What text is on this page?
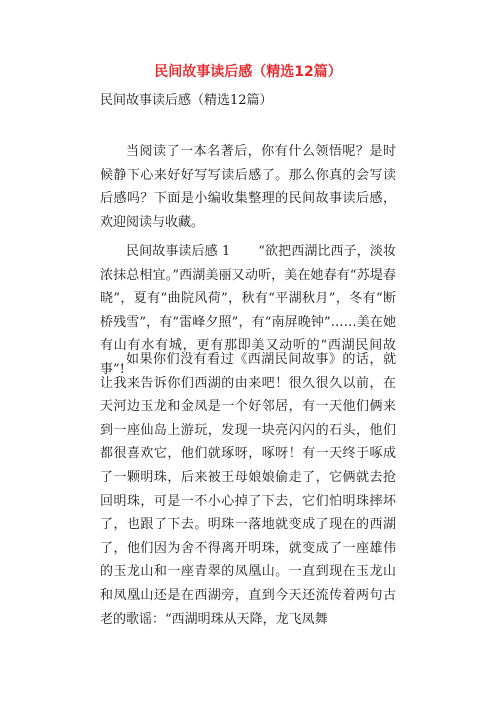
民间故事读后感（精选12篇）

民间故事读后感（精选12篇）

当阅读了一本名著后，你有什么领悟呢？是时候静下心来好好写写读后感了。那么你真的会写读后感吗？下面是小编收集整理的民间故事读后感，欢迎阅读与收藏。

民间故事读后感 1 “欲把西湖比西子，淡妆浓抹总相宜。”西湖美丽又动听，美在她春有“苏堤春晓”，夏有“曲院风荷”，秋有“平湖秋月”，冬有“断桥残雪”，有“雷峰夕照”，有“南屏晚钟”……美在她有山有水有城，更有那即美又动听的“西湖民间故事”!

如果你们没有看过《西湖民间故事》的话，就让我来告诉你们西湖的由来吧！很久很久以前，在天河边玉龙和金凤是一个好邻居，有一天他们俩来到一座仙岛上游玩，发现一块亮闪闪的石头，他们都很喜欢它，他们就琢呀，啄呀！有一天终于啄成了一颗明珠，后来被王母娘娘偷走了，它俩就去抢回明珠，可是一不小心掉了下去，它们怕明珠摔坏了，也跟了下去。明珠一落地就变成了现在的西湖了，他们因为舍不得离开明珠，就变成了一座雄伟的玉龙山和一座青翠的凤凰山。一直到现在玉龙山和凤凰山还是在西湖旁，直到今天还流传着两句古老的歌谣：“西湖明珠从天降，龙飞凤舞
